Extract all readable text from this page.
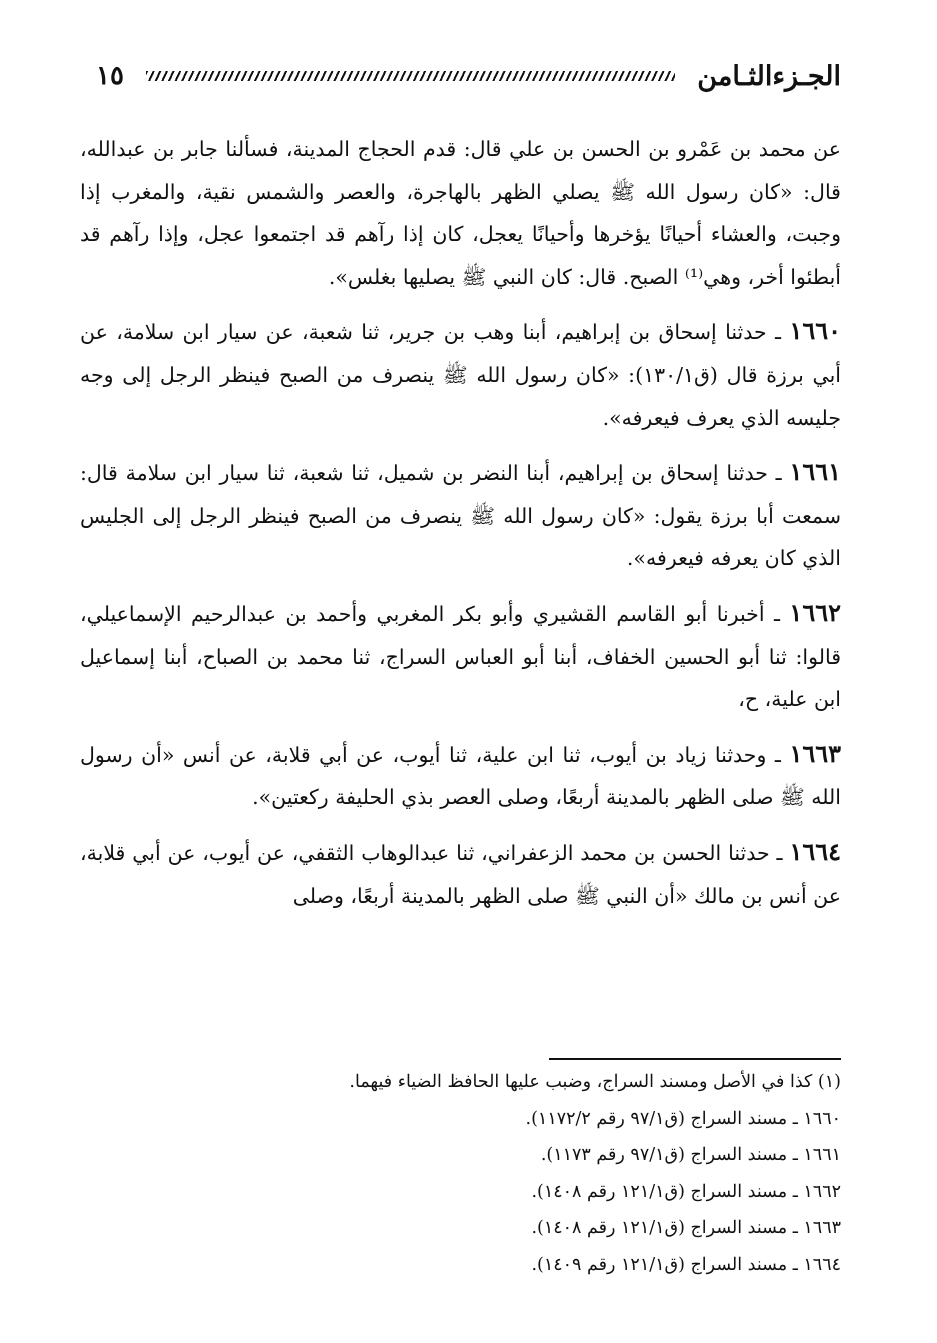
الجـزءالثـامن
١٥

عن محمد بن عَمْرو بن الحسن بن علي قال: قدم الحجاج المدينة، فسألنا جابر بن عبدالله، قال: «كان رسول الله ﷺ يصلي الظهر بالهاجرة، والعصر والشمس نقية، والمغرب إذا وجبت، والعشاء أحيانًا يؤخرها وأحيانًا يعجل، كان إذا رآهم قد اجتمعوا عجل، وإذا رآهم قد أبطئوا أخر، وهي⁽¹⁾ الصبح. قال: كان النبي ﷺ يصليها بغلس».

١٦٦٠ ـ حدثنا إسحاق بن إبراهيم، أبنا وهب بن جرير، ثنا شعبة، عن سيار ابن سلامة، عن أبي برزة قال (ق١٣٠/١): «كان رسول الله ﷺ ينصرف من الصبح فينظر الرجل إلى وجه جليسه الذي يعرف فيعرفه».

١٦٦١ ـ حدثنا إسحاق بن إبراهيم، أبنا النضر بن شميل، ثنا شعبة، ثنا سيار ابن سلامة قال: سمعت أبا برزة يقول: «كان رسول الله ﷺ ينصرف من الصبح فينظر الرجل إلى الجليس الذي كان يعرفه فيعرفه».

١٦٦٢ ـ أخبرنا أبو القاسم القشيري وأبو بكر المغربي وأحمد بن عبدالرحيم الإسماعيلي، قالوا: ثنا أبو الحسين الخفاف، أبنا أبو العباس السراج، ثنا محمد بن الصباح، أبنا إسماعيل ابن علية، ح،

١٦٦٣ ـ وحدثنا زياد بن أيوب، ثنا ابن علية، ثنا أيوب، عن أبي قلابة، عن أنس «أن رسول الله ﷺ صلى الظهر بالمدينة أربعًا، وصلى العصر بذي الحليفة ركعتين».

١٦٦٤ ـ حدثنا الحسن بن محمد الزعفراني، ثنا عبدالوهاب الثقفي، عن أيوب، عن أبي قلابة، عن أنس بن مالك «أن النبي ﷺ صلى الظهر بالمدينة أربعًا، وصلى

(١) كذا في الأصل ومسند السراج، وضبب عليها الحافظ الضياء فيهما.
١٦٦٠ ـ مسند السراج (ق٩٧/١ رقم ١١٧٢/٢).
١٦٦١ ـ مسند السراج (ق٩٧/١ رقم ١١٧٣).
١٦٦٢ ـ مسند السراج (ق١٢١/١ رقم ١٤٠٨).
١٦٦٣ ـ مسند السراج (ق١٢١/١ رقم ١٤٠٨).
١٦٦٤ ـ مسند السراج (ق١٢١/١ رقم ١٤٠٩).
